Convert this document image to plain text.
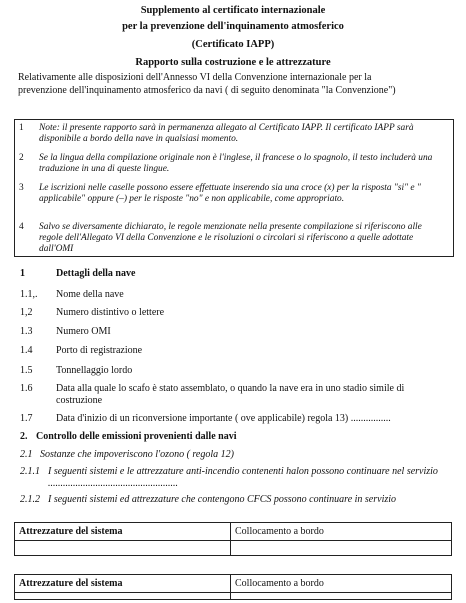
Supplemento al certificato internazionale
per la prevenzione dell'inquinamento atmosferico
(Certificato IAPP)
Rapporto sulla costruzione e le attrezzature
Relativamente alle disposizioni dell'Annesso VI della Convenzione internazionale per la
prevenzione dell'inquinamento atmosferico da navi ( di seguito denominata "la Convenzione")
1 Note: il presente rapporto sarà in permanenza allegato al Certificato IAPP. Il certificato IAPP sarà disponibile a bordo della nave in qualsiasi momento.
2 Se la lingua della compilazione originale non è l'inglese, il francese o lo spagnolo, il testo includerà una traduzione in una di queste lingue.
3 Le iscrizioni nelle caselle possono essere effettuate inserendo sia una croce (x) per la risposta "si" e " applicabile" oppure (–) per le risposte "no" e non applicabile, come appropriato.
4 Salvo se diversamente dichiarato, le regole menzionate nella presente compilazione si riferiscono alle regole dell'Allegato VI della Convenzione e le risoluzioni o circolari si riferiscono a quelle adottate dall'OMI
1	Dettagli della nave
1.1,. Nome della nave
1,2 Numero distintivo o lettere
1.3 Numero OMI
1.4 Porto di registrazione
1.5 Tonnellaggio lordo
1.6 Data alla quale lo scafo è stato assemblato, o quando la nave era in uno stadio simile di costruzione
1.7 Data d'inizio di un riconversione importante ( ove applicabile) regola 13) ................
2. Controllo delle emissioni provenienti dalle navi
2.1 Sostanze che impoveriscono l'ozono ( regola 12)
2.1.1 I seguenti sistemi e le attrezzature anti-incendio contenenti halon possono continuare nel servizio ....................................................
2.1.2 I seguenti sistemi ed attrezzature che contengono CFCS possono continuare in servizio
Attrezzature del sistema	Collocamento a bordo
Attrezzature del sistema	Collocamento a bordo
